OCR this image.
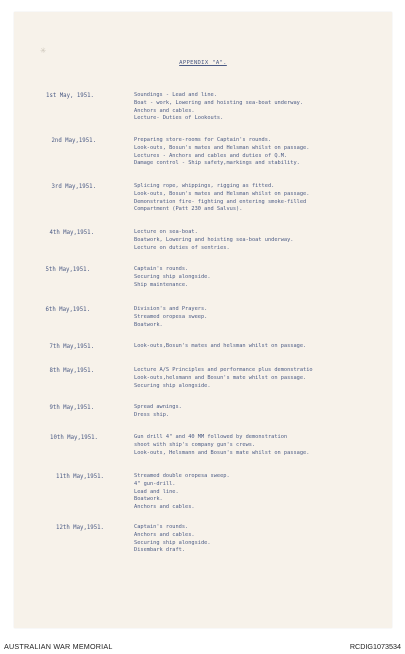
✳
APPENDIX "A".
1st May, 1951.	Soundings - Lead and line.
Boat - work, Lowering and hoisting sea-boat underway.
Anchors and cables.
Lecture- Duties of Lookouts.
2nd May,1951.	Preparing store-rooms for Captain's rounds.
Look-outs, Bosun's mates and Helsman whilst on passage.
Lectures - Anchors and cables and duties of Q.M.
Damage control - Ship safety,markings and stability.
3rd May,1951.	Splicing rope, whippings, rigging as fitted.
Look-outs, Bosun's mates and Helsman whilst on passage.
Demonstration fire- fighting and entering smoke-filled
Compartment (Patt 230 and Salvus).
4th May,1951.	Lecture on sea-boat.
Boatwork, Lowering and hoisting sea-boat underway.
Lecture on duties of sentries.
5th May,1951.	Captain's rounds.
Securing ship alongside.
Ship maintenance.
6th May,1951.	Division's and Prayers.
Streamed oropesa sweep.
Boatwork.
7th May,1951.	Look-outs,Bosun's mates and helsman whilst on passage.
8th May,1951.	Lecture A/S Principles and performance plus demonstratio
Look-outs,helsmann and Bosun's mate whilst on passage.
Securing ship alongside.
9th May,1951.	Spread awnings.
Dress ship.
10th May,1951.	Gun drill 4" and 40 MM followed by demonstration
shoot with ship's company gun's crews.
Look-outs, Helsmann and Bosun's mate whilst on passage.
11th May,1951.	Streamed double oropesa sweep.
4" gun-drill.
Lead and line.
Boatwork.
Anchors and cables.
12th May,1951.	Captain's rounds.
Anchors and cables.
Securing ship alongside.
Disembark draft.
AUSTRALIAN WAR MEMORIAL	RCDIG1073534
